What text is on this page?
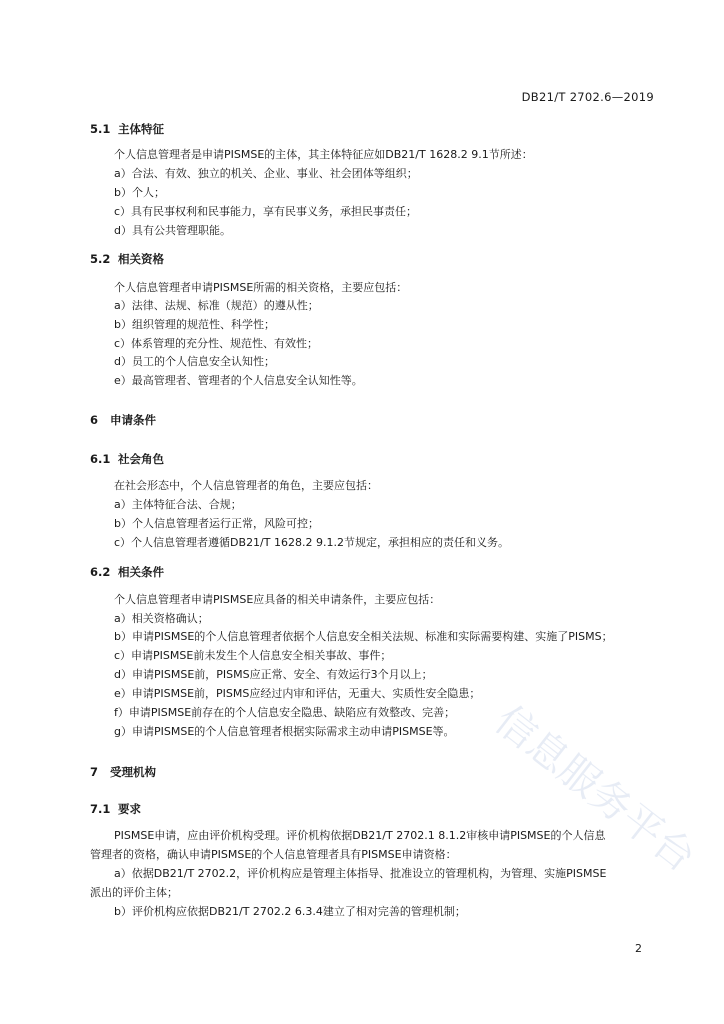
DB21/T 2702.6—2019
信息服务平台
5.1 主体特征
个人信息管理者是申请PISMSE的主体，其主体特征应如DB21/T 1628.2 9.1节所述：
a）合法、有效、独立的机关、企业、事业、社会团体等组织；
b）个人；
c）具有民事权利和民事能力，享有民事义务，承担民事责任；
d）具有公共管理职能。
5.2 相关资格
个人信息管理者申请PISMSE所需的相关资格，主要应包括：
a）法律、法规、标准（规范）的遵从性；
b）组织管理的规范性、科学性；
c）体系管理的充分性、规范性、有效性；
d）员工的个人信息安全认知性；
e）最高管理者、管理者的个人信息安全认知性等。
6 申请条件
6.1 社会角色
在社会形态中，个人信息管理者的角色，主要应包括：
a）主体特征合法、合规；
b）个人信息管理者运行正常，风险可控；
c）个人信息管理者遵循DB21/T 1628.2 9.1.2节规定，承担相应的责任和义务。
6.2 相关条件
个人信息管理者申请PISMSE应具备的相关申请条件，主要应包括：
a）相关资格确认；
b）申请PISMSE的个人信息管理者依据个人信息安全相关法规、标准和实际需要构建、实施了PISMS；
c）申请PISMSE前未发生个人信息安全相关事故、事件；
d）申请PISMSE前，PISMS应正常、安全、有效运行3个月以上；
e）申请PISMSE前，PISMS应经过内审和评估，无重大、实质性安全隐患；
f）申请PISMSE前存在的个人信息安全隐患、缺陷应有效整改、完善；
g）申请PISMSE的个人信息管理者根据实际需求主动申请PISMSE等。
7 受理机构
7.1 要求
PISMSE申请，应由评价机构受理。评价机构依据DB21/T 2702.1 8.1.2审核申请PISMSE的个人信息
管理者的资格，确认申请PISMSE的个人信息管理者具有PISMSE申请资格：
a）依据DB21/T 2702.2，评价机构应是管理主体指导、批准设立的管理机构，为管理、实施PISMSE
派出的评价主体；
b）评价机构应依据DB21/T 2702.2 6.3.4建立了相对完善的管理机制；
2
